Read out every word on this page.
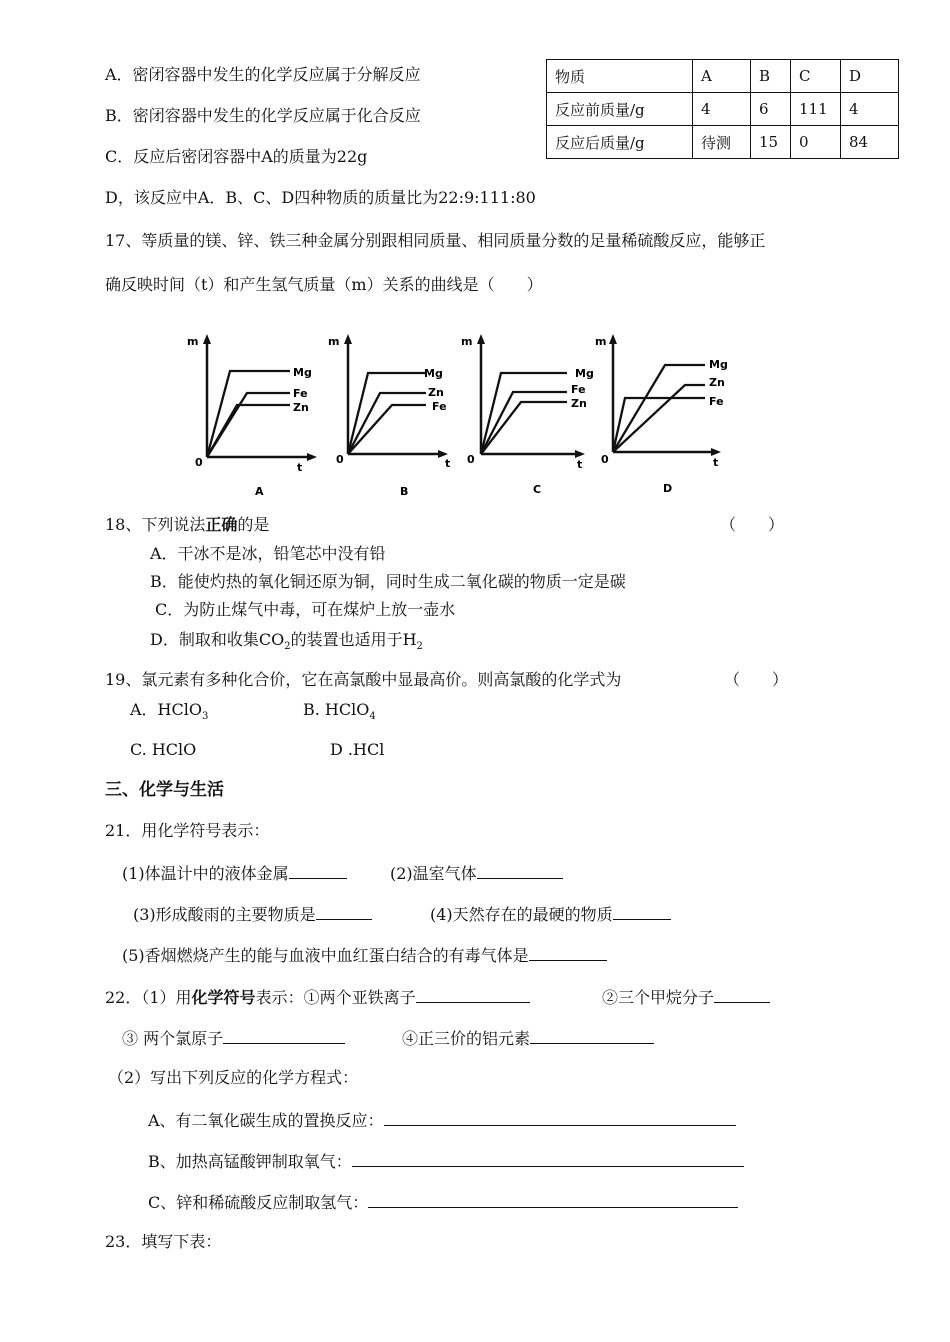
A．密闭容器中发生的化学反应属于分解反应
B．密闭容器中发生的化学反应属于化合反应
C．反应后密闭容器中A的质量为22g
D，该反应中A．B、C、D四种物质的质量比为22:9:111:80
物质	A	B	C	D
反应前质量/g	4	6	111	4
反应后质量/g	待测	15	0	84
17、等质量的镁、锌、铁三种金属分别跟相同质量、相同质量分数的足量稀硫酸反应，能够正
确反映时间（t）和产生氢气质量（m）关系的曲线是（　　）
m
0	t
Mg
Fe
Zn
A
m
0	t
Mg
Zn
Fe
B
m
0	t
Mg
Fe
Zn
C
m
0	t
Mg
Zn
Fe
D
18、下列说法正确的是	（　　）
A．干冰不是冰，铅笔芯中没有铅
B．能使灼热的氧化铜还原为铜，同时生成二氧化碳的物质一定是碳
C．为防止煤气中毒，可在煤炉上放一壶水
D．制取和收集$CO_2$的装置也适用于$H_2$
19、氯元素有多种化合价，它在高氯酸中显最高价。则高氯酸的化学式为	（　　）
A．HClO$_3$	B. HClO$_4$
C. HClO	D .HCl
三、化学与生活
21．用化学符号表示：
(1)体温计中的液体金属	(2)温室气体
(3)形成酸雨的主要物质是	(4)天然存在的最硬的物质
(5)香烟燃烧产生的能与血液中血红蛋白结合的有毒气体是
22．（1）用化学符号表示：①两个亚铁离子	②三个甲烷分子
③ 两个氯原子	④正三价的铝元素
（2）写出下列反应的化学方程式：
A、有二氧化碳生成的置换反应：
B、加热高锰酸钾制取氧气：
C、锌和稀硫酸反应制取氢气：
23．填写下表：
